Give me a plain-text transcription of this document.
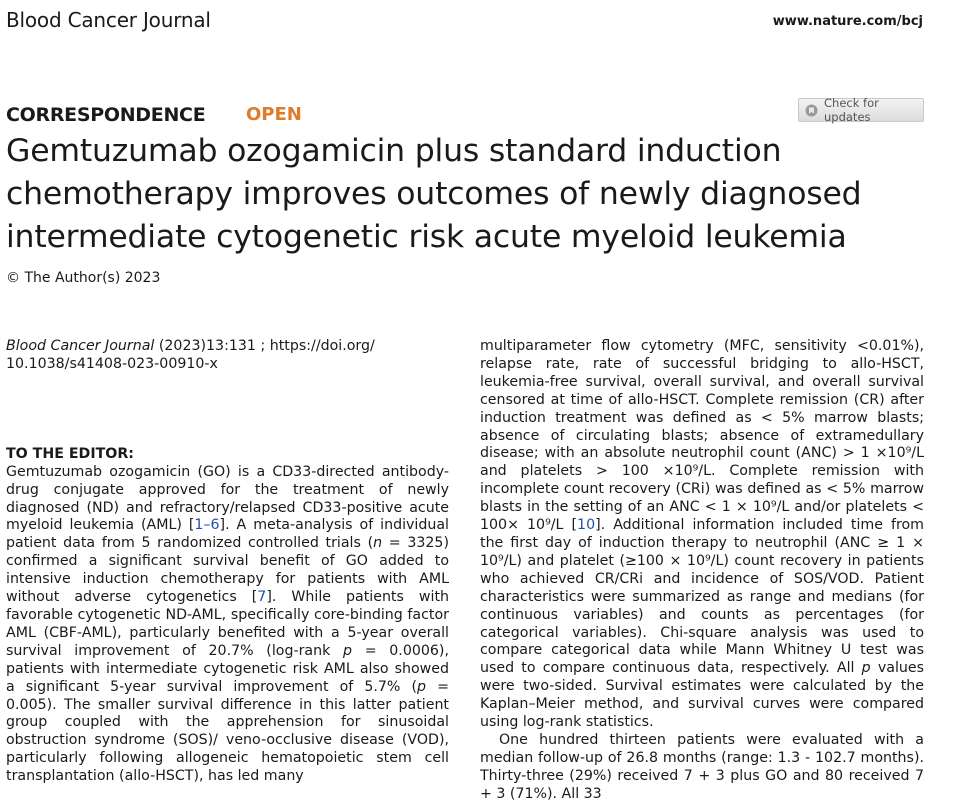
Blood Cancer Journal	www.nature.com/bcj
CORRESPONDENCE OPEN
Check for updates
Gemtuzumab ozogamicin plus standard induction chemotherapy improves outcomes of newly diagnosed intermediate cytogenetic risk acute myeloid leukemia
© The Author(s) 2023

Blood Cancer Journal (2023)13:131 ; https://doi.org/ 10.1038/s41408-023-00910-x

TO THE EDITOR:

Gemtuzumab ozogamicin (GO) is a CD33-directed antibody-drug conjugate approved for the treatment of newly diagnosed (ND) and refractory/relapsed CD33-positive acute myeloid leukemia (AML) [1–6]. A meta-analysis of individual patient data from 5 randomized controlled trials (n = 3325) confirmed a significant survival benefit of GO added to intensive induction chemotherapy for patients with AML without adverse cytogenetics [7]. While patients with favorable cytogenetic ND-AML, specifically core-binding factor AML (CBF-AML), particularly benefited with a 5-year overall survival improvement of 20.7% (log-rank p = 0.0006), patients with intermediate cytogenetic risk AML also showed a significant 5-year survival improvement of 5.7% (p = 0.005). The smaller survival difference in this latter patient group coupled with the apprehension for sinusoidal obstruction syndrome (SOS)/ veno-occlusive disease (VOD), particularly following allogeneic hematopoietic stem cell transplantation (allo-HSCT), has led many

multiparameter flow cytometry (MFC, sensitivity <0.01%), relapse rate, rate of successful bridging to allo-HSCT, leukemia-free survival, overall survival, and overall survival censored at time of allo-HSCT. Complete remission (CR) after induction treatment was defined as < 5% marrow blasts; absence of circulating blasts; absence of extramedullary disease; with an absolute neutrophil count (ANC) > 1 ×10⁹/L and platelets > 100 ×10⁹/L. Complete remission with incomplete count recovery (CRi) was defined as < 5% marrow blasts in the setting of an ANC < 1 × 10⁹/L and/or platelets < 100× 10⁹/L [10]. Additional information included time from the first day of induction therapy to neutrophil (ANC ≥ 1 × 10⁹/L) and platelet (≥100 × 10⁹/L) count recovery in patients who achieved CR/CRi and incidence of SOS/VOD. Patient characteristics were summarized as range and medians (for continuous variables) and counts as percentages (for categorical variables). Chi-square analysis was used to compare categorical data while Mann Whitney U test was used to compare continuous data, respectively. All p values were two-sided. Survival estimates were calculated by the Kaplan–Meier method, and survival curves were compared using log-rank statistics.

One hundred thirteen patients were evaluated with a median follow-up of 26.8 months (range: 1.3 - 102.7 months). Thirty-three (29%) received 7 + 3 plus GO and 80 received 7 + 3 (71%). All 33
